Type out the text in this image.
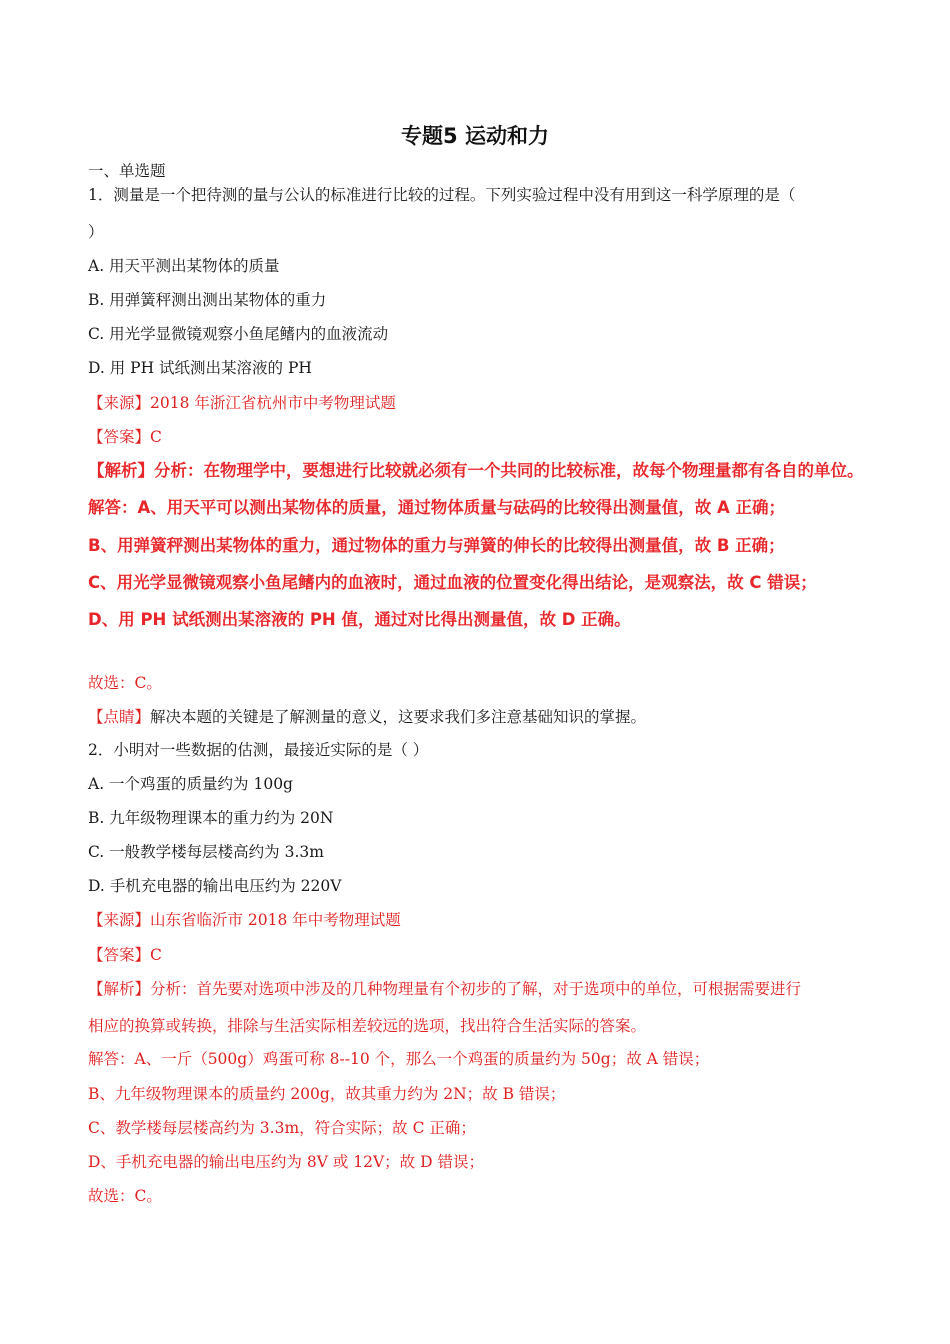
专题5 运动和力
一、单选题
1．测量是一个把待测的量与公认的标准进行比较的过程。下列实验过程中没有用到这一科学原理的是（
）
A. 用天平测出某物体的质量
B. 用弹簧秤测出测出某物体的重力
C. 用光学显微镜观察小鱼尾鳍内的血液流动
D. 用 PH 试纸测出某溶液的 PH
【来源】2018 年浙江省杭州市中考物理试题
【答案】C
【解析】分析：在物理学中，要想进行比较就必须有一个共同的比较标准，故每个物理量都有各自的单位。
解答：A、用天平可以测出某物体的质量，通过物体质量与砝码的比较得出测量值，故 A 正确；
B、用弹簧秤测出某物体的重力，通过物体的重力与弹簧的伸长的比较得出测量值，故 B 正确；
C、用光学显微镜观察小鱼尾鳍内的血液时，通过血液的位置变化得出结论，是观察法，故 C 错误；
D、用 PH 试纸测出某溶液的 PH 值，通过对比得出测量值，故 D 正确。
故选：C。
【点睛】解决本题的关键是了解测量的意义，这要求我们多注意基础知识的掌握。
2．小明对一些数据的估测，最接近实际的是（ ）
A. 一个鸡蛋的质量约为 100g
B. 九年级物理课本的重力约为 20N
C. 一般教学楼每层楼高约为 3.3m
D. 手机充电器的输出电压约为 220V
【来源】山东省临沂市 2018 年中考物理试题
【答案】C
【解析】分析：首先要对选项中涉及的几种物理量有个初步的了解，对于选项中的单位，可根据需要进行
相应的换算或转换，排除与生活实际相差较远的选项，找出符合生活实际的答案。
解答：A、一斤（500g）鸡蛋可称 8--10 个，那么一个鸡蛋的质量约为 50g；故 A 错误；
B、九年级物理课本的质量约 200g，故其重力约为 2N；故 B 错误；
C、教学楼每层楼高约为 3.3m，符合实际；故 C 正确；
D、手机充电器的输出电压约为 8V 或 12V；故 D 错误；
故选：C。
